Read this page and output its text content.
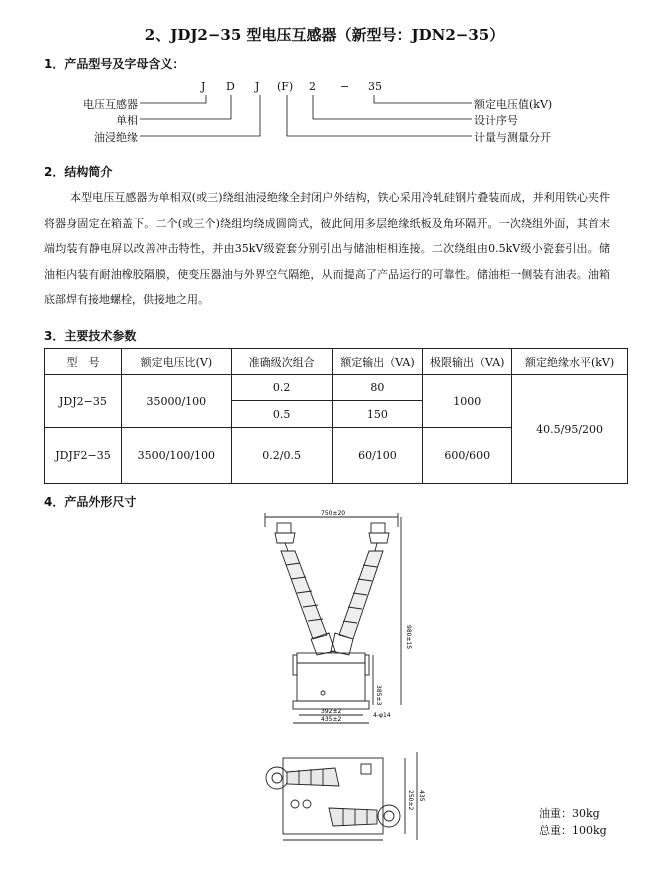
2、JDJ2−35 型电压互感器（新型号：JDN2−35）
1．产品型号及字母含义：
J D J (F) 2 − 35
电压互感器
单相
油浸绝缘
额定电压值(kV)
设计序号
计量与测量分开
2．结构简介
本型电压互感器为单相双(或三)绕组油浸绝缘全封闭户外结构，铁心采用冷轧硅钢片叠装而成，并利用铁心夹件将器身固定在箱盖下。二个(或三个)绕组均绕成圆筒式，彼此间用多层绝缘纸板及角环隔开。一次绕组外面，其首末端均装有静电屏以改善冲击特性，并由35kV级瓷套分别引出与储油柜相连接。二次绕组由0.5kV级小瓷套引出。储油柜内装有耐油橡胶隔膜，使变压器油与外界空气隔绝，从而提高了产品运行的可靠性。储油柜一侧装有油表。油箱底部焊有接地螺栓，供接地之用。
3．主要技术参数
型　号	额定电压比(V)	准确级次组合	额定输出（VA)	极限输出（VA)	额定绝缘水平(kV)
JDJ2−35	35000/100	0.2	80	1000	40.5/95/200
		0.5	150		
JDJF2−35	3500/100/100	0.2/0.5	60/100	600/600	
4．产品外形尺寸
750±20
980±15
385±3
392±2
435±2
4-φ14
250±2 435
油重：30kg
总重：100kg
